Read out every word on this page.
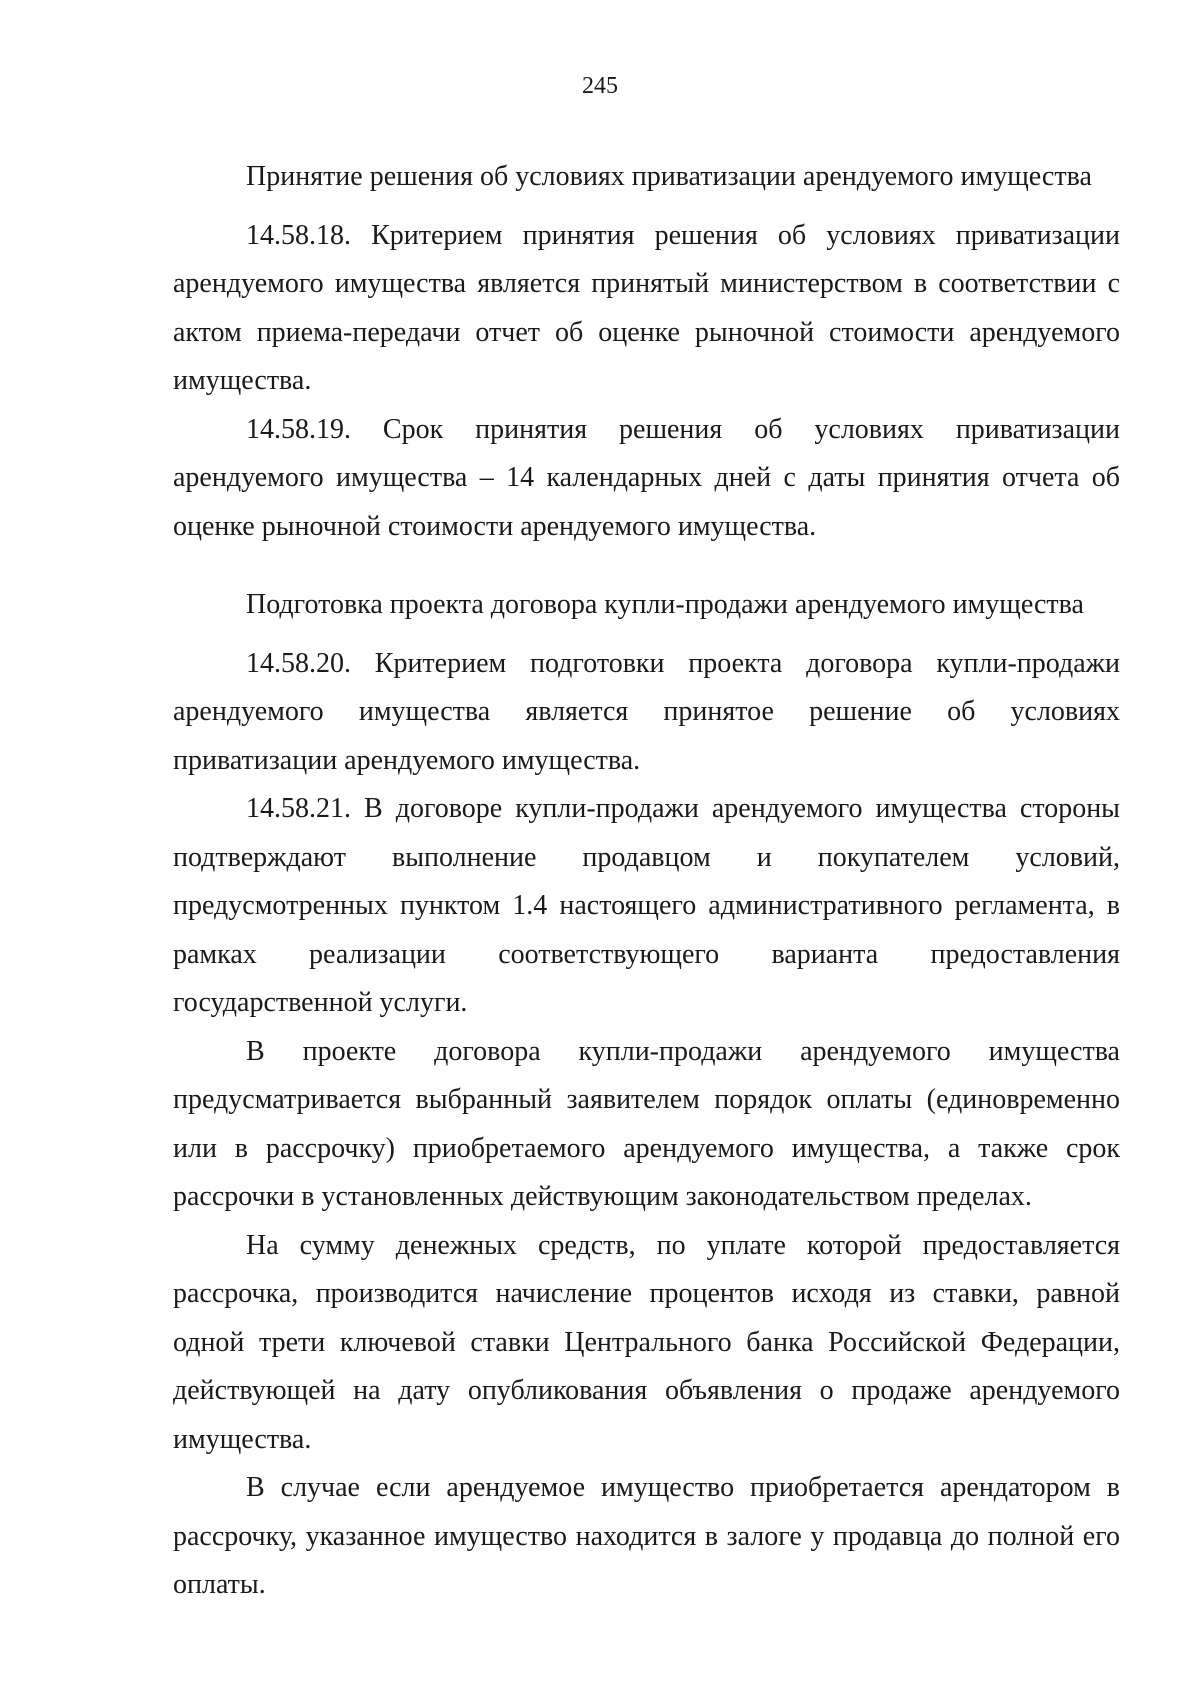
245
Принятие решения об условиях приватизации арендуемого имущества

14.58.18. Критерием принятия решения об условиях приватизации арендуемого имущества является принятый министерством в соответствии с актом приема-передачи отчет об оценке рыночной стоимости арендуемого имущества.

14.58.19. Срок принятия решения об условиях приватизации арендуемого имущества – 14 календарных дней с даты принятия отчета об оценке рыночной стоимости арендуемого имущества.

Подготовка проекта договора купли-продажи арендуемого имущества

14.58.20. Критерием подготовки проекта договора купли-продажи арендуемого имущества является принятое решение об условиях приватизации арендуемого имущества.

14.58.21. В договоре купли-продажи арендуемого имущества стороны подтверждают выполнение продавцом и покупателем условий, предусмотренных пунктом 1.4 настоящего административного регламента, в рамках реализации соответствующего варианта предоставления государственной услуги.

В проекте договора купли-продажи арендуемого имущества предусматривается выбранный заявителем порядок оплаты (единовременно или в рассрочку) приобретаемого арендуемого имущества, а также срок рассрочки в установленных действующим законодательством пределах.

На сумму денежных средств, по уплате которой предоставляется рассрочка, производится начисление процентов исходя из ставки, равной одной трети ключевой ставки Центрального банка Российской Федерации, действующей на дату опубликования объявления о продаже арендуемого имущества.

В случае если арендуемое имущество приобретается арендатором в рассрочку, указанное имущество находится в залоге у продавца до полной его оплаты.
